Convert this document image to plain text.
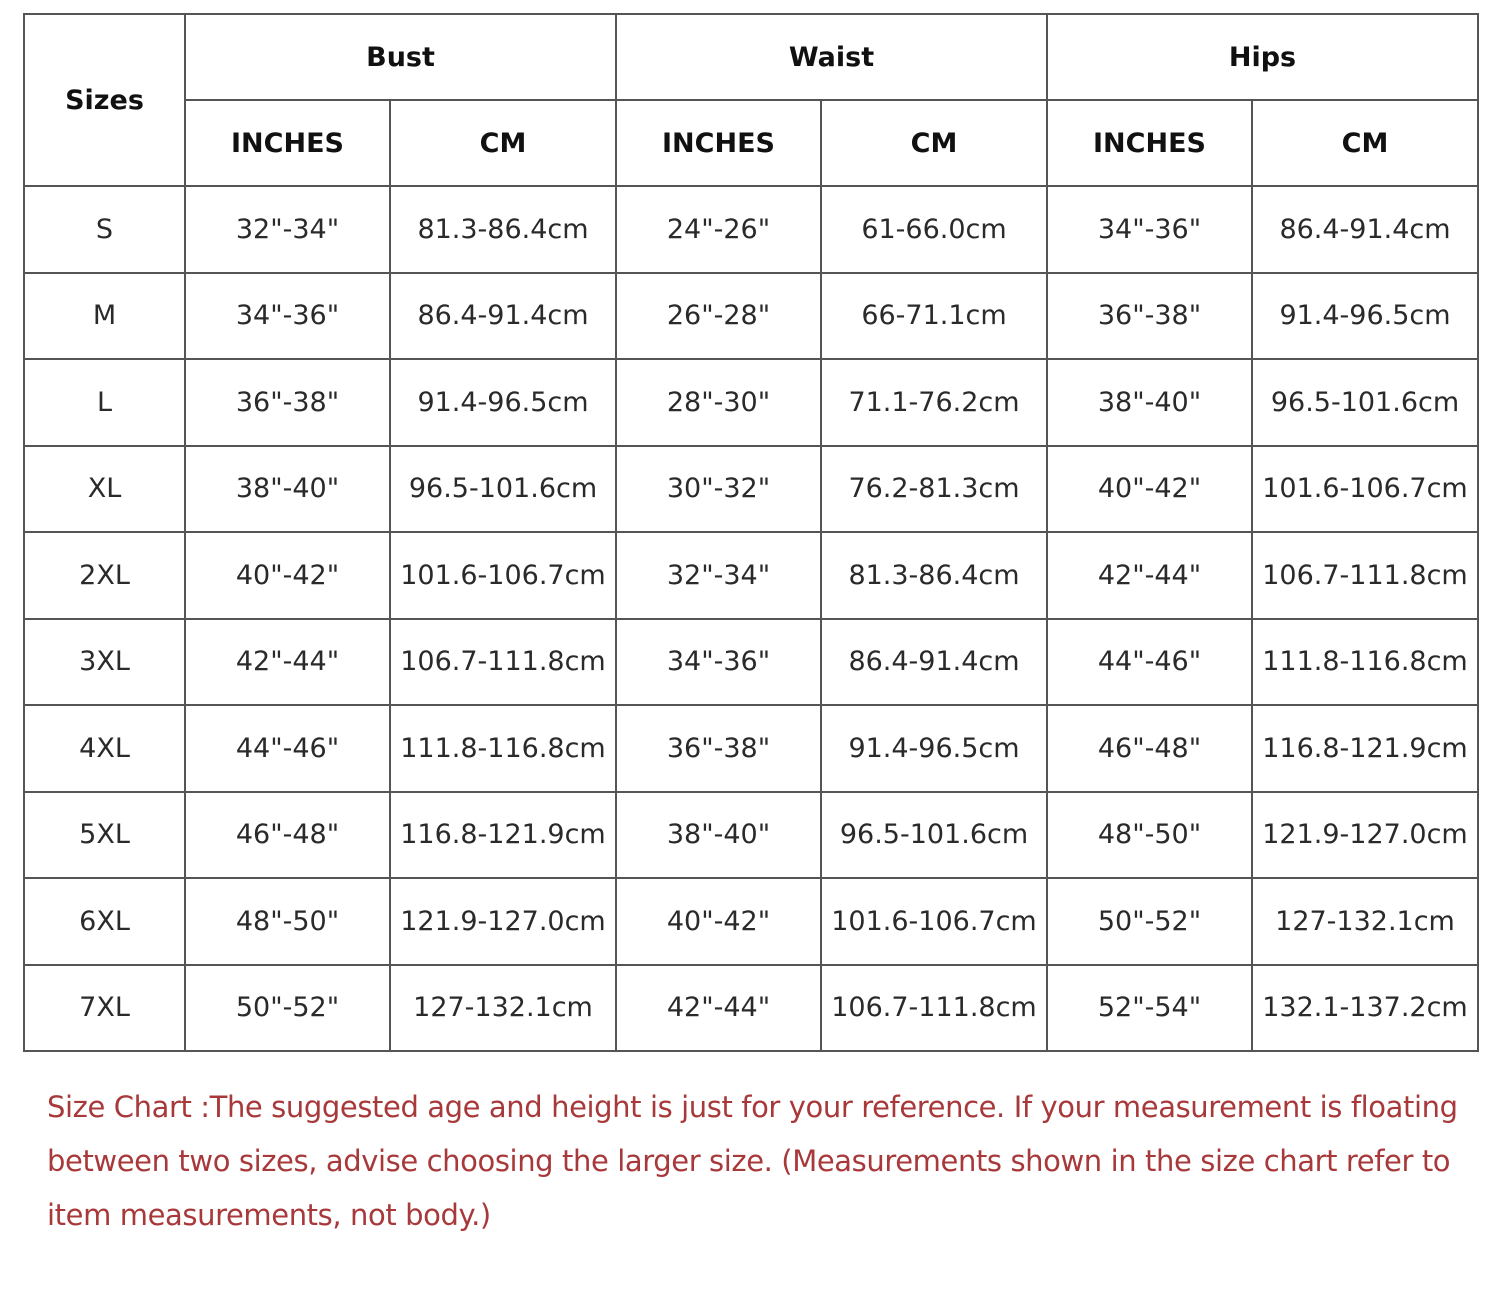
Sizes	Bust		Waist		Hips	
	INCHES	CM	INCHES	CM	INCHES	CM
S	32"-34"	81.3-86.4cm	24"-26"	61-66.0cm	34"-36"	86.4-91.4cm
M	34"-36"	86.4-91.4cm	26"-28"	66-71.1cm	36"-38"	91.4-96.5cm
L	36"-38"	91.4-96.5cm	28"-30"	71.1-76.2cm	38"-40"	96.5-101.6cm
XL	38"-40"	96.5-101.6cm	30"-32"	76.2-81.3cm	40"-42"	101.6-106.7cm
2XL	40"-42"	101.6-106.7cm	32"-34"	81.3-86.4cm	42"-44"	106.7-111.8cm
3XL	42"-44"	106.7-111.8cm	34"-36"	86.4-91.4cm	44"-46"	111.8-116.8cm
4XL	44"-46"	111.8-116.8cm	36"-38"	91.4-96.5cm	46"-48"	116.8-121.9cm
5XL	46"-48"	116.8-121.9cm	38"-40"	96.5-101.6cm	48"-50"	121.9-127.0cm
6XL	48"-50"	121.9-127.0cm	40"-42"	101.6-106.7cm	50"-52"	127-132.1cm
7XL	50"-52"	127-132.1cm	42"-44"	106.7-111.8cm	52"-54"	132.1-137.2cm
Size Chart :The suggested age and height is just for your reference. If your measurement is floating between two sizes, advise choosing the larger size. (Measurements shown in the size chart refer to item measurements, not body.)
